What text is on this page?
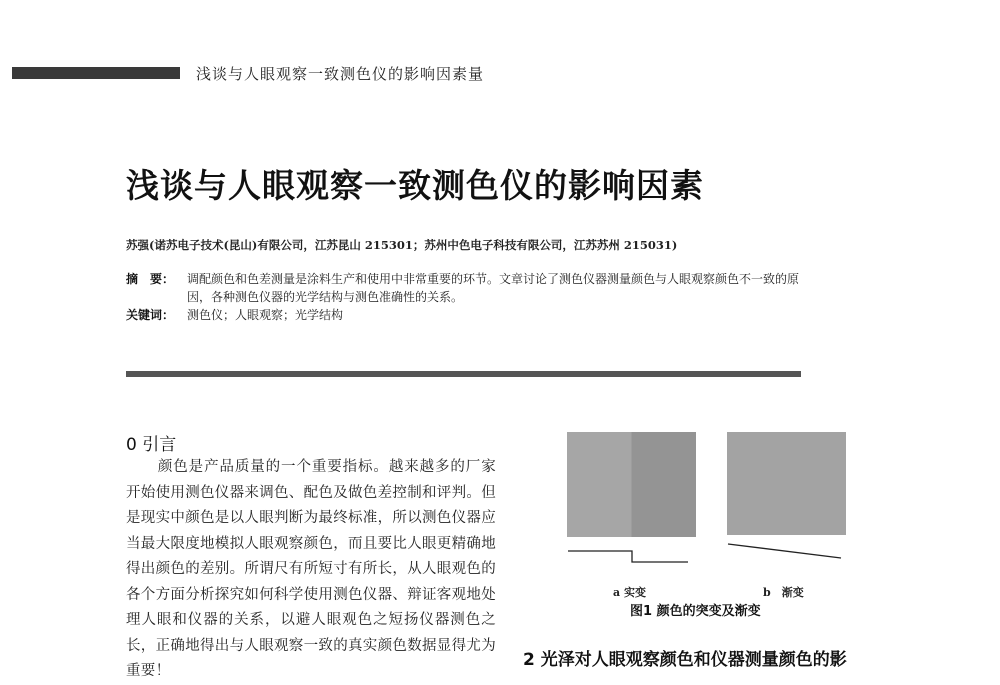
浅谈与人眼观察一致测色仪的影响因素量
浅谈与人眼观察一致测色仪的影响因素
苏强(诺苏电子技术(昆山)有限公司，江苏昆山 215301；苏州中色电子科技有限公司，江苏苏州 215031)
摘　要： 调配颜色和色差测量是涂料生产和使用中非常重要的环节。文章讨论了测色仪器测量颜色与人眼观察颜色不一致的原因，各种测色仪器的光学结构与测色准确性的关系。
关键词： 测色仪；人眼观察；光学结构
0 引言

颜色是产品质量的一个重要指标。越来越多的厂家开始使用测色仪器来调色、配色及做色差控制和评判。但是现实中颜色是以人眼判断为最终标准，所以测色仪器应当最大限度地模拟人眼观察颜色，而且要比人眼更精确地得出颜色的差别。所谓尺有所短寸有所长，从人眼观色的各个方面分析探究如何科学使用测色仪器、辩证客观地处理人眼和仪器的关系，以避人眼观色之短扬仪器测色之长，正确地得出与人眼观察一致的真实颜色数据显得尤为重要！

a 实变	b　渐变
图1 颜色的突变及渐变
2 光泽对人眼观察颜色和仪器测量颜色的影
